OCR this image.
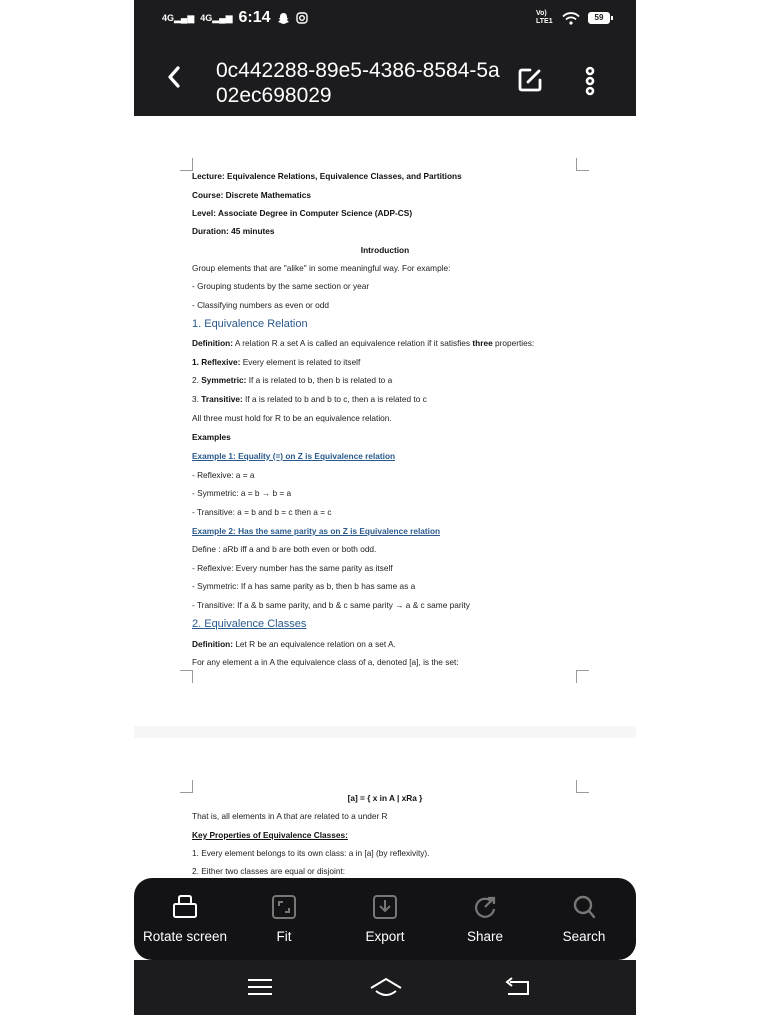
4G▂▄▆ 4G▂▄▆ 6:14	Vo) LTE1	59
0c442288-89e5-4386-8584-5a02ec698029
Lecture: Equivalence Relations, Equivalence Classes, and Partitions
Course: Discrete Mathematics
Level: Associate Degree in Computer Science (ADP-CS)
Duration: 45 minutes
Introduction
Group elements that are "alike" in some meaningful way. For example:
- Grouping students by the same section or year
- Classifying numbers as even or odd
1. Equivalence Relation
Definition: A relation R a set A is called an equivalence relation if it satisfies three properties:
1. Reflexive: Every element is related to itself
2. Symmetric: If a is related to b, then b is related to a
3. Transitive: If a is related to b and b to c, then a is related to c
All three must hold for R to be an equivalence relation.
Examples
Example 1: Equality (=) on Z is Equivalence relation
- Reflexive: a = a
- Symmetric: a = b → b = a
- Transitive: a = b and b = c then a = c
Example 2: Has the same parity as on Z is Equivalence relation
Define : aRb iff a and b are both even or both odd.
- Reflexive: Every number has the same parity as itself
- Symmetric: If a has same parity as b, then b has same as a
- Transitive: If a & b same parity, and b & c same parity → a & c same parity
2. Equivalence Classes
Definition: Let R be an equivalence relation on a set A.
For any element a in A the equivalence class of a, denoted [a], is the set:
[a] = { x in A | xRa }
That is, all elements in A that are related to a under R
Key Properties of Equivalence Classes:
1. Every element belongs to its own class: a in [a] (by reflexivity).
2. Either two classes are equal or disjoint:
Rotate screen	Fit	Export	Share	Search
